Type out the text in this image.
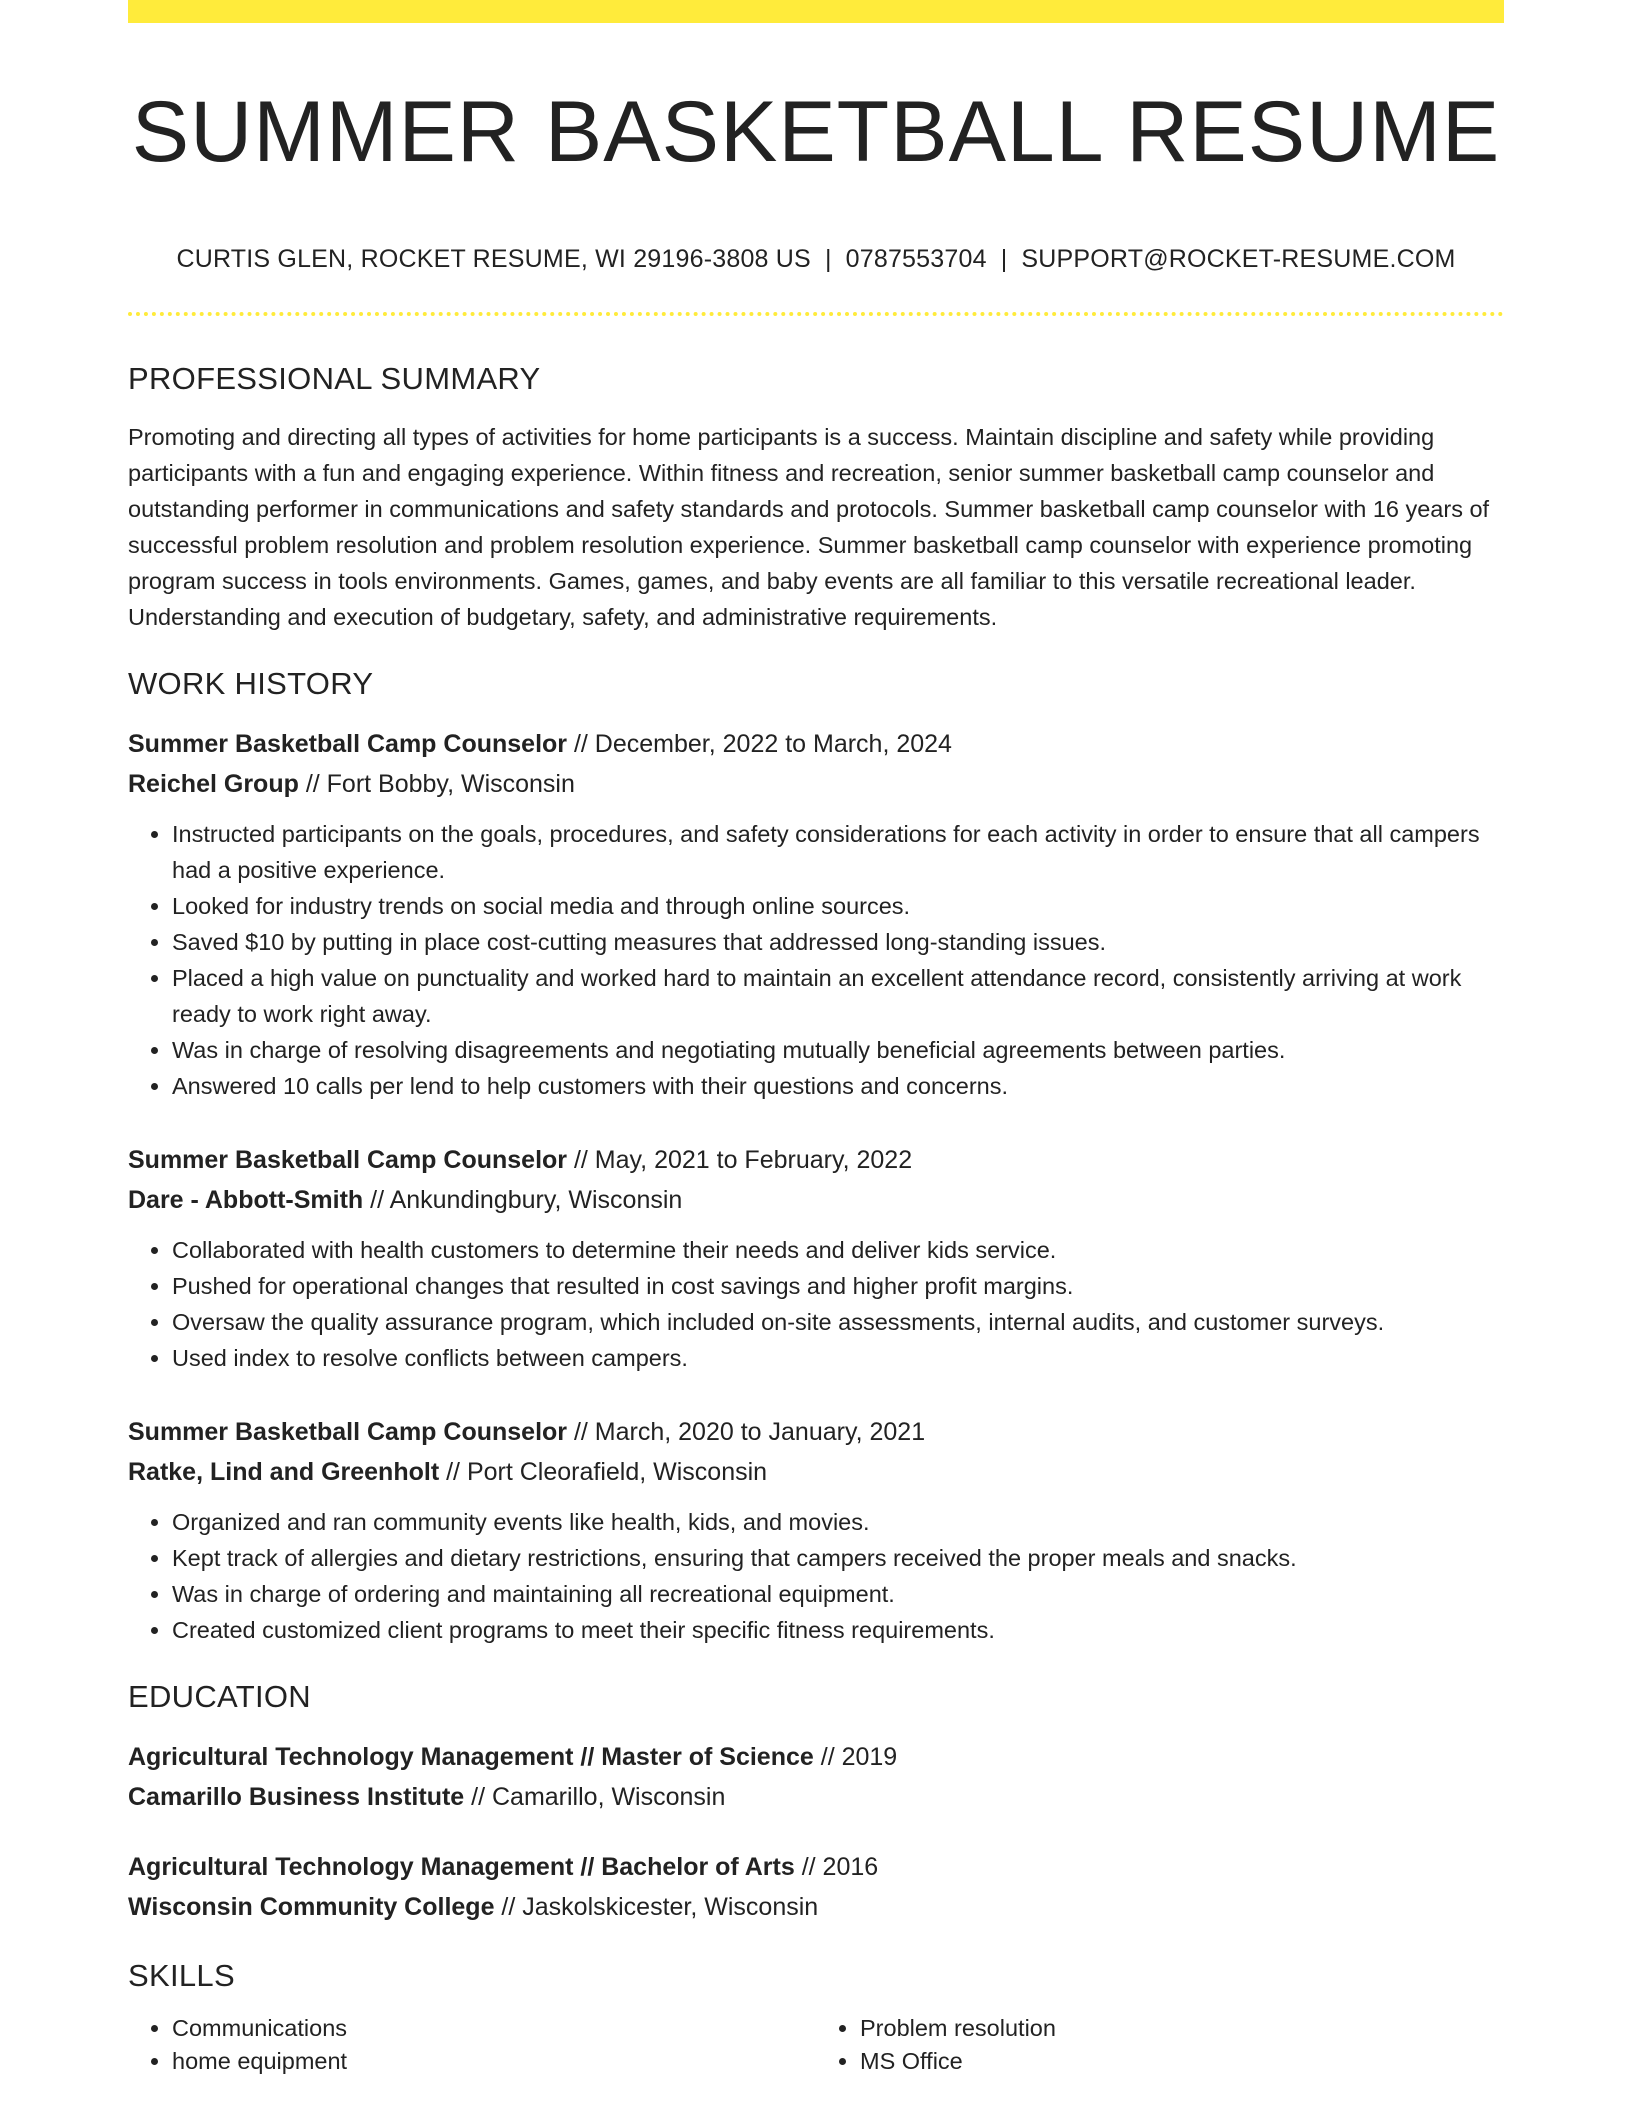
SUMMER BASKETBALL RESUME
CURTIS GLEN, ROCKET RESUME, WI 29196-3808 US | 0787553704 | SUPPORT@ROCKET-RESUME.COM
PROFESSIONAL SUMMARY
Promoting and directing all types of activities for home participants is a success. Maintain discipline and safety while providing participants with a fun and engaging experience. Within fitness and recreation, senior summer basketball camp counselor and outstanding performer in communications and safety standards and protocols. Summer basketball camp counselor with 16 years of successful problem resolution and problem resolution experience. Summer basketball camp counselor with experience promoting program success in tools environments. Games, games, and baby events are all familiar to this versatile recreational leader. Understanding and execution of budgetary, safety, and administrative requirements.
WORK HISTORY
Summer Basketball Camp Counselor // December, 2022 to March, 2024
Reichel Group // Fort Bobby, Wisconsin
• Instructed participants on the goals, procedures, and safety considerations for each activity in order to ensure that all campers had a positive experience.
• Looked for industry trends on social media and through online sources.
• Saved $10 by putting in place cost-cutting measures that addressed long-standing issues.
• Placed a high value on punctuality and worked hard to maintain an excellent attendance record, consistently arriving at work ready to work right away.
• Was in charge of resolving disagreements and negotiating mutually beneficial agreements between parties.
• Answered 10 calls per lend to help customers with their questions and concerns.
Summer Basketball Camp Counselor // May, 2021 to February, 2022
Dare - Abbott-Smith // Ankundingbury, Wisconsin
• Collaborated with health customers to determine their needs and deliver kids service.
• Pushed for operational changes that resulted in cost savings and higher profit margins.
• Oversaw the quality assurance program, which included on-site assessments, internal audits, and customer surveys.
• Used index to resolve conflicts between campers.
Summer Basketball Camp Counselor // March, 2020 to January, 2021
Ratke, Lind and Greenholt // Port Cleorafield, Wisconsin
• Organized and ran community events like health, kids, and movies.
• Kept track of allergies and dietary restrictions, ensuring that campers received the proper meals and snacks.
• Was in charge of ordering and maintaining all recreational equipment.
• Created customized client programs to meet their specific fitness requirements.
EDUCATION
Agricultural Technology Management // Master of Science // 2019
Camarillo Business Institute // Camarillo, Wisconsin
Agricultural Technology Management // Bachelor of Arts // 2016
Wisconsin Community College // Jaskolskicester, Wisconsin
SKILLS
• Communications
• home equipment
• Problem resolution
• MS Office
